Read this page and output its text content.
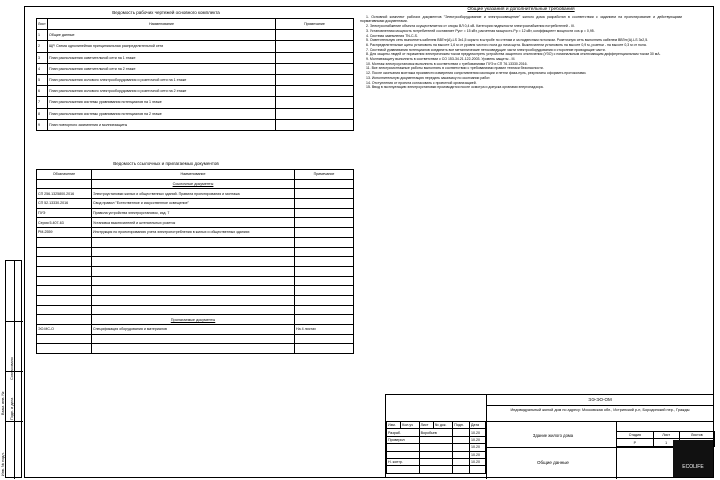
Согласовано
Взам. инв. № Подп. и дата
Инв. № подл.
Ведомость рабочих чертежей основного комплекта
Лист	Наименование	Примечание
1	Общие данные	
2	ЩР. Схема однолинейная принципиальная распределительной сети	
3	План расположения осветительной сети на 1 этаже	
4	План расположения осветительной сети на 2 этаже	
5	План расположения силового электрооборудования и розеточной сети на 1 этаже	
6	План расположения силового электрооборудования и розеточной сети на 2 этаже	
7	План расположения системы уравнивания потенциалов на 1 этаже	
8	План расположения системы уравнивания потенциалов на 2 этаже	
9	План повторного заземления и молниезащиты	
Ведомость ссылочных и прилагаемых документов
Обозначение	Наименование	Примечание
	Ссылочные документы	
СП 256.1325800.2016	Электроустановки жилых и общественных зданий. Правила проектирования и монтажа	
СП 52.13330.2016	Свод правил "Естественное и искусственное освещение"	
ПУЭ	Правила устройства электроустановок, изд. 7	
Серия 5.407-63	Установка выключателей и штепсельных розеток	
РМ-2559	Инструкция по проектированию учета электропотребления в жилых и общественных зданиях	

	Прилагаемые документы	
ЭО.МС-О	Спецификация оборудования и материалов	На 4 листах

Общие указания и дополнительные требования

1. Основной комплект рабочих документов "Электрооборудование и электроосвещение" жилого дома разработан в соответствии с заданием на проектирование и действующими нормативными документами.

2. Электроснабжение объекта осуществляется от опоры ВЛ 0,4 кВ. Категория надежности электроснабжения потребителей - III.

3. Установленная мощность потребителей составляет Руст = 15 кВт, расчетная мощность Рр = 12 кВт, коэффициент мощности cos φ = 0,95.

4. Система заземления TN-C-S.

5. Осветительную сеть выполнить кабелем ВВГнг(А)-LS 3х1,5 скрыто в штробе по стенам и за подвесным потолком. Розеточную сеть выполнить кабелем ВВГнг(А)-LS 3х2,5.

6. Распределительные щиты установить на высоте 1,6 м от уровня чистого пола до низа щита. Выключатели установить на высоте 0,9 м, розетки - на высоте 0,3 м от пола.

7. Системой уравнивания потенциалов соединить все металлические нетоковедущие части электрооборудования и сторонние проводящие части.

8. Для защиты людей от поражения электрическим током предусмотреть устройства защитного отключения (УЗО) с номинальным отключающим дифференциальным током 30 мА.

9. Молниезащиту выполнить в соответствии с СО 153-34.21.122-2003. Уровень защиты - III.

10. Монтаж электроустановок выполнить в соответствии с требованиями ПУЭ и СП 76.13330.2016.

11. Все электромонтажные работы выполнять в соответствии с требованиями правил техники безопасности.

12. После окончания монтажа произвести измерения сопротивления изоляции и петли фаза-нуль, результаты оформить протоколами.

13. Исполнительную документацию передать заказчику по окончании работ.

14. Отступления от проекта согласовать с проектной организацией.

15. Ввод в эксплуатацию электроустановки производится после осмотра и допуска органами энергонадзора.

ЭЭ-ЭО-ОМ
Индивидуальный жилой дом по адресу: Московская обл., Истринский р-н, Бородинский пер., Гражды
Изм.	Кол.уч	Лист	№ док.	Подп.	Дата
Разраб.		Воробьев			10.20
Проверил					10.20
					10.20
					10.20
Н. контр.					10.20

Здание жилого дома
Общие данные
Стадия	Лист	Листов
Р	1	
ECOLIFE
